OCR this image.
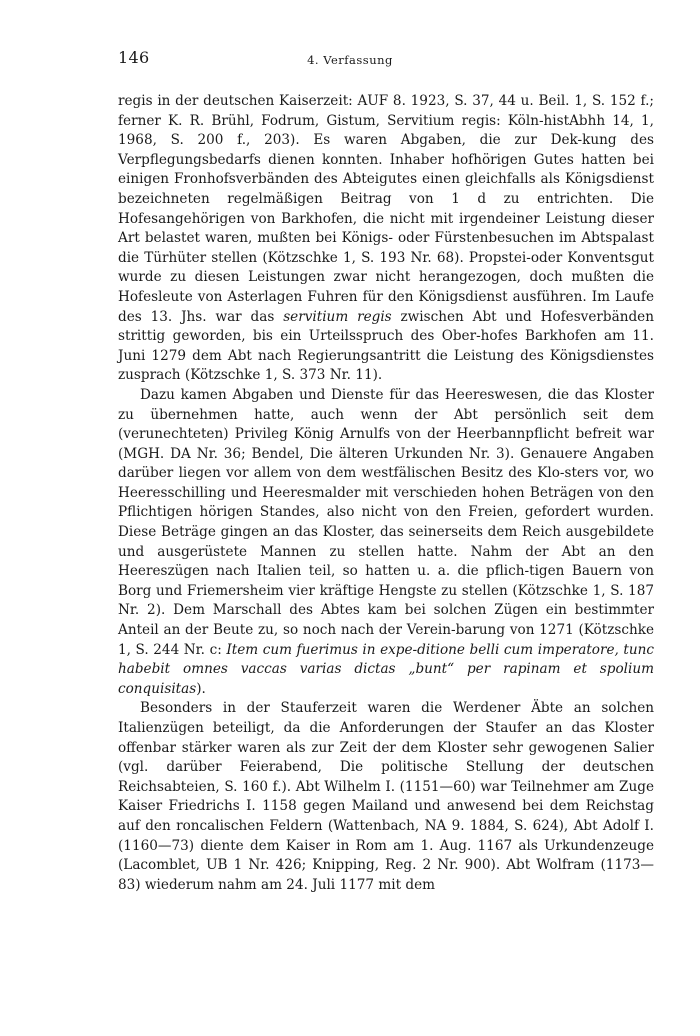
146	4. Verfassung

regis in der deutschen Kaiserzeit: AUF 8. 1923, S. 37, 44 u. Beil. 1, S. 152 f.; ferner K. R. Brühl, Fodrum, Gistum, Servitium regis: Köln-histAbhh 14, 1, 1968, S. 200 f., 203). Es waren Abgaben, die zur Dek-kung des Verpflegungsbedarfs dienen konnten. Inhaber hofhörigen Gutes hatten bei einigen Fronhofsverbänden des Abteigutes einen gleichfalls als Königsdienst bezeichneten regelmäßigen Beitrag von 1 d zu entrichten. Die Hofesangehörigen von Barkhofen, die nicht mit irgendeiner Leistung dieser Art belastet waren, mußten bei Königs- oder Fürstenbesuchen im Abtspalast die Türhüter stellen (Kötzschke 1, S. 193 Nr. 68). Propstei-oder Konventsgut wurde zu diesen Leistungen zwar nicht herangezogen, doch mußten die Hofesleute von Asterlagen Fuhren für den Königsdienst ausführen. Im Laufe des 13. Jhs. war das servitium regis zwischen Abt und Hofesverbänden strittig geworden, bis ein Urteilsspruch des Ober-hofes Barkhofen am 11. Juni 1279 dem Abt nach Regierungsantritt die Leistung des Königsdienstes zusprach (Kötzschke 1, S. 373 Nr. 11).

Dazu kamen Abgaben und Dienste für das Heereswesen, die das Kloster zu übernehmen hatte, auch wenn der Abt persönlich seit dem (verunechteten) Privileg König Arnulfs von der Heerbannpflicht befreit war (MGH. DA Nr. 36; Bendel, Die älteren Urkunden Nr. 3). Genauere Angaben darüber liegen vor allem von dem westfälischen Besitz des Klo-sters vor, wo Heeresschilling und Heeresmalder mit verschieden hohen Beträgen von den Pflichtigen hörigen Standes, also nicht von den Freien, gefordert wurden. Diese Beträge gingen an das Kloster, das seinerseits dem Reich ausgebildete und ausgerüstete Mannen zu stellen hatte. Nahm der Abt an den Heereszügen nach Italien teil, so hatten u. a. die pflich-tigen Bauern von Borg und Friemersheim vier kräftige Hengste zu stellen (Kötzschke 1, S. 187 Nr. 2). Dem Marschall des Abtes kam bei solchen Zügen ein bestimmter Anteil an der Beute zu, so noch nach der Verein-barung von 1271 (Kötzschke 1, S. 244 Nr. c: Item cum fuerimus in expe-ditione belli cum imperatore, tunc habebit omnes vaccas varias dictas „bunt“ per rapinam et spolium conquisitas).

Besonders in der Stauferzeit waren die Werdener Äbte an solchen Italienzügen beteiligt, da die Anforderungen der Staufer an das Kloster offenbar stärker waren als zur Zeit der dem Kloster sehr gewogenen Salier (vgl. darüber Feierabend, Die politische Stellung der deutschen Reichsabteien, S. 160 f.). Abt Wilhelm I. (1151—60) war Teilnehmer am Zuge Kaiser Friedrichs I. 1158 gegen Mailand und anwesend bei dem Reichstag auf den roncalischen Feldern (Wattenbach, NA 9. 1884, S. 624), Abt Adolf I. (1160—73) diente dem Kaiser in Rom am 1. Aug. 1167 als Urkundenzeuge (Lacomblet, UB 1 Nr. 426; Knipping, Reg. 2 Nr. 900). Abt Wolfram (1173—83) wiederum nahm am 24. Juli 1177 mit dem
